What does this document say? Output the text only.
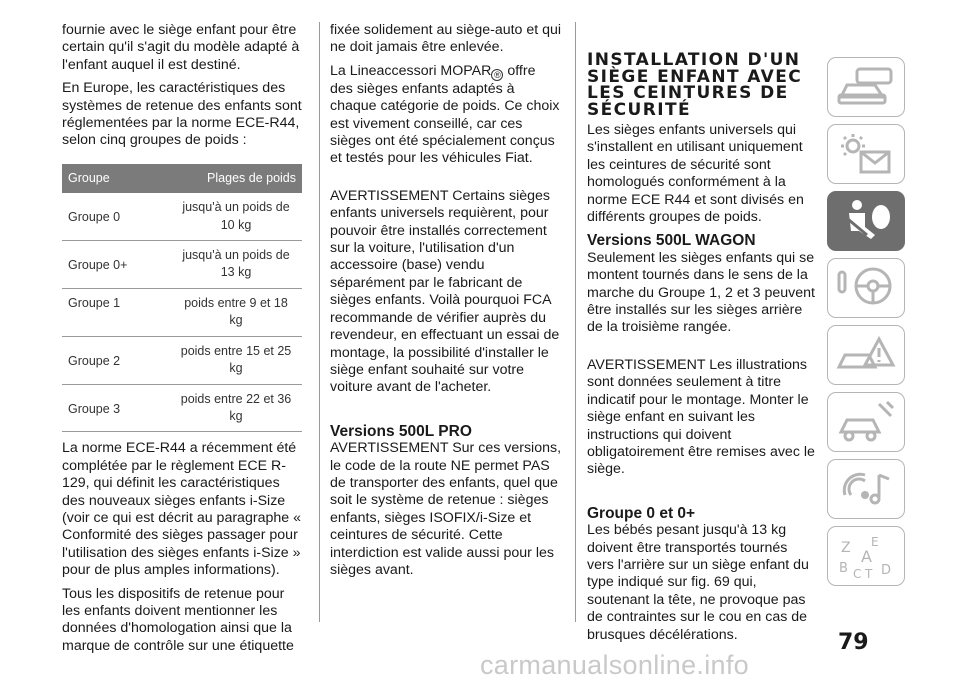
fournie avec le siège enfant pour être certain qu'il s'agit du modèle adapté à l'enfant auquel il est destiné.

En Europe, les caractéristiques des systèmes de retenue des enfants sont réglementées par la norme ECE-R44, selon cinq groupes de poids :

Groupe	Plages de poids
Groupe 0	jusqu'à un poids de 10 kg
Groupe 0+	jusqu'à un poids de 13 kg
Groupe 1	poids entre 9 et 18 kg
Groupe 2	poids entre 15 et 25 kg
Groupe 3	poids entre 22 et 36 kg

La norme ECE-R44 a récemment été complétée par le règlement ECE R-129, qui définit les caractéristiques des nouveaux sièges enfants i-Size (voir ce qui est décrit au paragraphe « Conformité des sièges passager pour l'utilisation des sièges enfants i-Size » pour de plus amples informations).

Tous les dispositifs de retenue pour les enfants doivent mentionner les données d'homologation ainsi que la marque de contrôle sur une étiquette

fixée solidement au siège-auto et qui ne doit jamais être enlevée.

La Lineaccessori MOPAR ® offre des sièges enfants adaptés à chaque catégorie de poids. Ce choix est vivement conseillé, car ces sièges ont été spécialement conçus et testés pour les véhicules Fiat.

AVERTISSEMENT Certains sièges enfants universels requièrent, pour pouvoir être installés correctement sur la voiture, l'utilisation d'un accessoire (base) vendu séparément par le fabricant de sièges enfants. Voilà pourquoi FCA recommande de vérifier auprès du revendeur, en effectuant un essai de montage, la possibilité d'installer le siège enfant souhaité sur votre voiture avant de l'acheter.

Versions 500L PRO

AVERTISSEMENT Sur ces versions, le code de la route NE permet PAS de transporter des enfants, quel que soit le système de retenue : sièges enfants, sièges ISOFIX/i-Size et ceintures de sécurité. Cette interdiction est valide aussi pour les sièges avant.

INSTALLATION D'UN SIÈGE ENFANT AVEC LES CEINTURES DE SÉCURITÉ

Les sièges enfants universels qui s'installent en utilisant uniquement les ceintures de sécurité sont homologués conformément à la norme ECE R44 et sont divisés en différents groupes de poids.

Versions 500L WAGON

Seulement les sièges enfants qui se montent tournés dans le sens de la marche du Groupe 1, 2 et 3 peuvent être installés sur les sièges arrière de la troisième rangée.

AVERTISSEMENT Les illustrations sont données seulement à titre indicatif pour le montage. Monter le siège enfant en suivant les instructions qui doivent obligatoirement être remises avec le siège.

Groupe 0 et 0+

Les bébés pesant jusqu'à 13 kg doivent être transportés tournés vers l'arrière sur un siège enfant du type indiqué sur fig. 69 qui, soutenant la tête, ne provoque pas de contraintes sur le cou en cas de brusques décélérations.

Z E
A
B C T D
79
carmanualsonline.info
